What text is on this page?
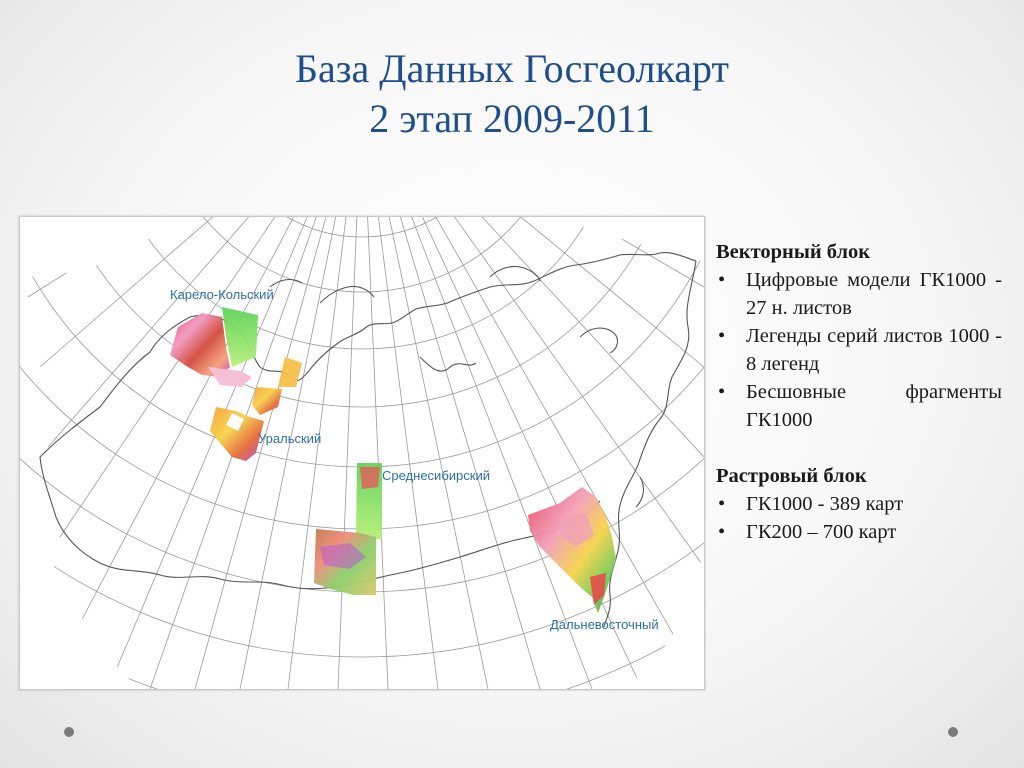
База Данных Госгеолкарт
2 этап 2009-2011
Карело-Кольский
Уральский
Среднесибирский
Дальневосточный
Векторный блок
• Цифровые модели ГК1000 - 27 н. листов
• Легенды серий листов 1000 - 8 легенд
• Бесшовные фрагменты ГК1000
Растровый блок
• ГК1000 - 389 карт
• ГК200 – 700 карт
